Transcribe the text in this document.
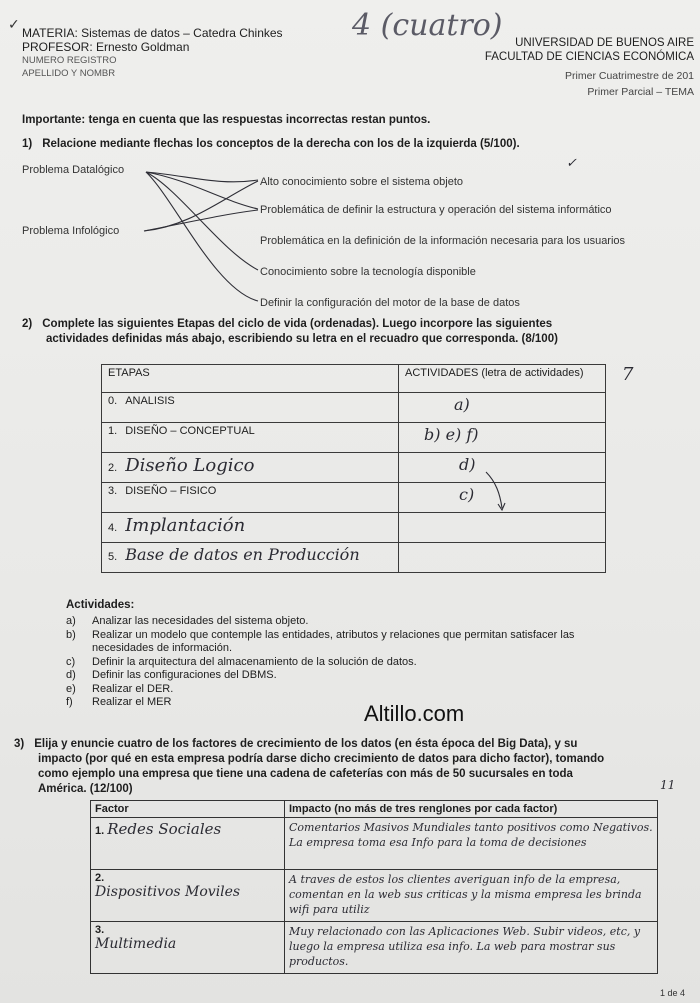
MATERIA: Sistemas de datos – Catedra Chinkes
PROFESOR: Ernesto Goldman
NUMERO REGISTRO
APELLIDO Y NOMBR
✓	4 (cuatro)	UNIVERSIDAD DE BUENOS AIRE
FACULTAD DE CIENCIAS ECONÓMICA
Primer Cuatrimestre de 201
Primer Parcial – TEMA
Importante: tenga en cuenta que las respuestas incorrectas restan puntos.
1) Relacione mediante flechas los conceptos de la derecha con los de la izquierda (5/100).
✓
Problema Datalógico
Problema Infológico
Alto conocimiento sobre el sistema objeto
Problemática de definir la estructura y operación del sistema informático
Problemática en la definición de la información necesaria para los usuarios
Conocimiento sobre la tecnología disponible
Definir la configuración del motor de la base de datos
2) Complete las siguientes Etapas del ciclo de vida (ordenadas). Luego incorpore las siguientes
actividades definidas más abajo, escribiendo su letra en el recuadro que corresponda. (8/100)
7
ETAPAS	ACTIVIDADES (letra de actividades)
0. ANALISIS	a)
1. DISEÑO – CONCEPTUAL	b) e) f)
2. Diseño Logico	d)
3. DISEÑO – FISICO	c)
4. Implantación	
5. Base de datos en Producción	
Actividades:
a) Analizar las necesidades del sistema objeto.
b) Realizar un modelo que contemple las entidades, atributos y relaciones que permitan satisfacer las
necesidades de información.
c) Definir la arquitectura del almacenamiento de la solución de datos.
d) Definir las configuraciones del DBMS.
e) Realizar el DER.
f) Realizar el MER	Altillo.com
3) Elija y enuncie cuatro de los factores de crecimiento de los datos (en ésta época del Big Data), y su
impacto (por qué en esta empresa podría darse dicho crecimiento de datos para dicho factor), tomando
como ejemplo una empresa que tiene una cadena de cafeterías con más de 50 sucursales en toda
América. (12/100)	11
Factor	Impacto (no más de tres renglones por cada factor)
1. Redes Sociales	Comentarios Masivos Mundiales tanto positivos como Negativos. La empresa toma esa Info para la toma de decisiones
2.
Dispositivos Moviles	A traves de estos los clientes averiguan info de la empresa, comentan en la web sus criticas y la misma empresa les brinda wifi para utiliz
3.
Multimedia	Muy relacionado con las Aplicaciones Web. Subir videos, etc, y luego la empresa utiliza esa info. La web para mostrar sus productos.
1 de 4
